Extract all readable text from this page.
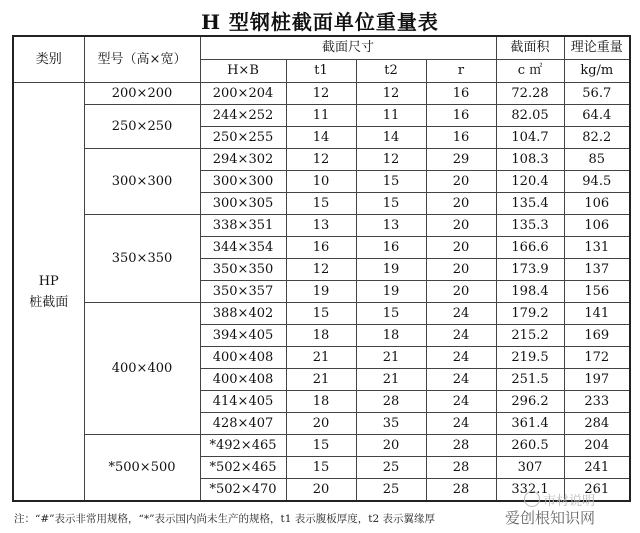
H 型钢桩截面单位重量表
类别	型号（高×宽）	截面尺寸				截面积	理论重量
		H×B	t1	t2	r	c ㎡	kg/m
HP
桩截面	200×200	200×204	12	12	16	72.28	56.7
	250×250	244×252	11	11	16	82.05	64.4
		250×255	14	14	16	104.7	82.2
	300×300	294×302	12	12	29	108.3	85
		300×300	10	15	20	120.4	94.5
		300×305	15	15	20	135.4	106
	350×350	338×351	13	13	20	135.3	106
		344×354	16	16	20	166.6	131
		350×350	12	19	20	173.9	137
		350×357	19	19	20	198.4	156
	400×400	388×402	15	15	24	179.2	141
		394×405	18	18	24	215.2	169
		400×408	21	21	24	219.5	172
		400×408	21	21	24	251.5	197
		414×405	18	28	24	296.2	233
		428×407	20	35	24	361.4	284
	*500×500	*492×465	15	20	28	260.5	204
		*502×465	15	25	28	307	241
		*502×470	20	25	28	332.1	261
注：“#”表示非常用规格，“*”表示国内尚未生产的规格，t1 表示腹板厚度，t2 表示翼缘厚
市材说明
爱创根知识网
